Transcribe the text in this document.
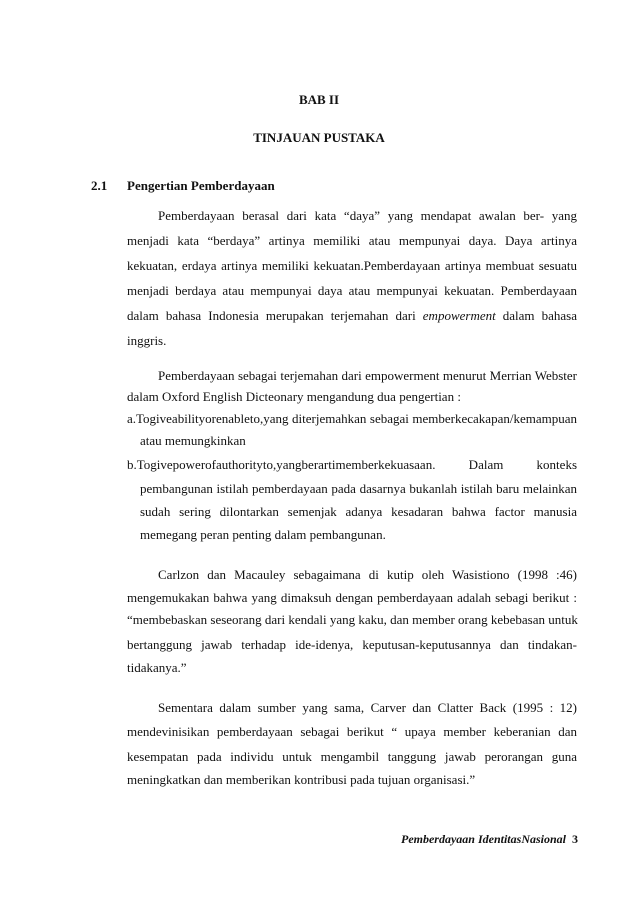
BAB II
TINJAUAN PUSTAKA
2.1 Pengertian Pemberdayaan
Pemberdayaan berasal dari kata “daya” yang mendapat awalan ber- yang
menjadi kata “berdaya” artinya memiliki atau mempunyai daya. Daya artinya
kekuatan, erdaya artinya memiliki kekuatan.Pemberdayaan artinya membuat sesuatu
menjadi berdaya atau mempunyai daya atau mempunyai kekuatan. Pemberdayaan
dalam bahasa Indonesia merupakan terjemahan dari empowerment dalam bahasa
inggris.
Pemberdayaan sebagai terjemahan dari empowerment menurut Merrian Webster
dalam Oxford English Dicteonary mengandung dua pengertian :
a.Togiveabilityorenableto,yang diterjemahkan sebagai memberkecakapan/kemampuan
atau memungkinkan
b.Togivepowerofauthorityto,yangberartimemberkekuasaan.        Dalam        konteks
pembangunan istilah pemberdayaan pada dasarnya bukanlah istilah baru melainkan
sudah sering dilontarkan semenjak adanya kesadaran bahwa factor manusia
memegang peran penting dalam pembangunan.
Carlzon dan Macauley sebagaimana di kutip oleh Wasistiono (1998 :46)
mengemukakan bahwa yang dimaksuh dengan pemberdayaan adalah sebagi berikut :
“membebaskan seseorang dari kendali yang kaku, dan member orang kebebasan untuk
bertanggung jawab terhadap ide-idenya, keputusan-keputusannya dan tindakan-
tidakanya.”
Sementara dalam sumber yang sama, Carver dan Clatter Back (1995 : 12)
mendevinisikan pemberdayaan sebagai berikut “ upaya member keberanian dan
kesempatan pada individu untuk mengambil tanggung jawab perorangan guna
meningkatkan dan memberikan kontribusi pada tujuan organisasi.”
Pemberdayaan IdentitasNasional 3
